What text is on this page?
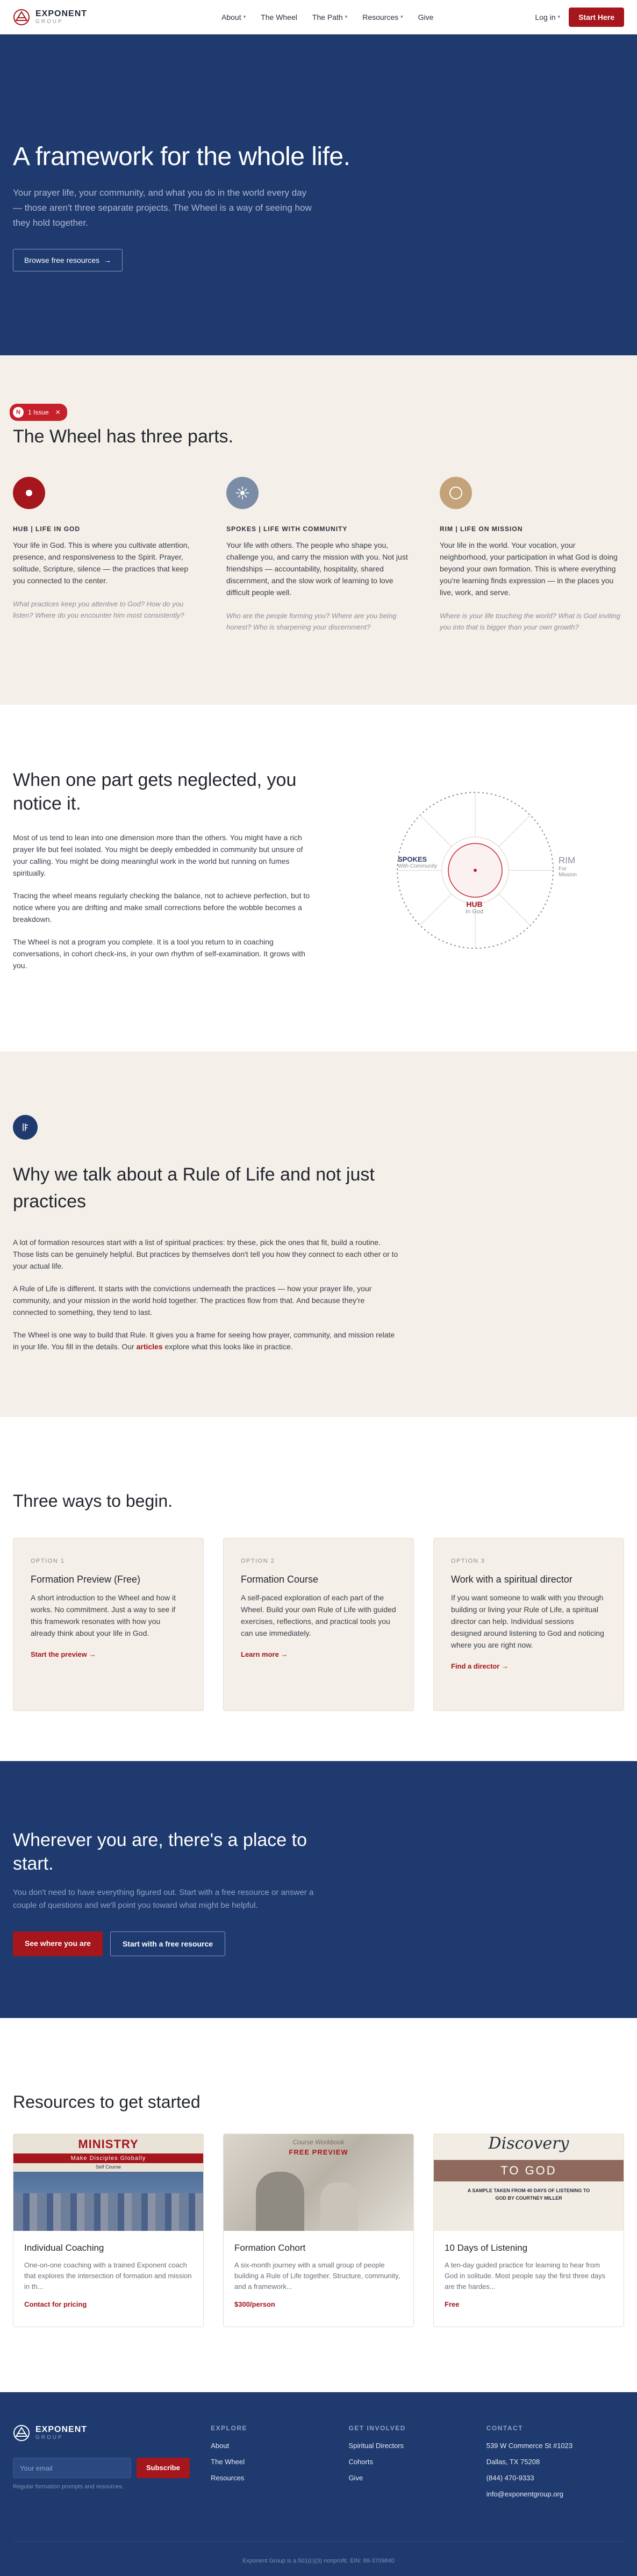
EXPONENT
GROUP
About ▾ The Wheel The Path ▾ Resources ▾ Give	Log in ▾	Start Here
A framework for the whole life.

Your prayer life, your community, and what you do in the world every day — those aren't three separate projects. The Wheel is a way of seeing how they hold together.

Browse free resources →
N	1 Issue ✕
The Wheel has three parts.
HUB | LIFE IN GOD

Your life in God. This is where you cultivate attention, presence, and responsiveness to the Spirit. Prayer, solitude, Scripture, silence — the practices that keep you connected to the center.

What practices keep you attentive to God? How do you listen? Where do you encounter him most consistently?

SPOKES | LIFE WITH COMMUNITY

Your life with others. The people who shape you, challenge you, and carry the mission with you. Not just friendships — accountability, hospitality, shared discernment, and the slow work of learning to love difficult people well.

Who are the people forming you? Where are you being honest? Who is sharpening your discernment?

RIM | LIFE ON MISSION

Your life in the world. Your vocation, your neighborhood, your participation in what God is doing beyond your own formation. This is where everything you're learning finds expression — in the places you live, work, and serve.

Where is your life touching the world? What is God inviting you into that is bigger than your own growth?

When one part gets neglected, you notice it.

Most of us tend to lean into one dimension more than the others. You might have a rich prayer life but feel isolated. You might be deeply embedded in community but unsure of your calling. You might be doing meaningful work in the world but running on fumes spiritually.

Tracing the wheel means regularly checking the balance, not to achieve perfection, but to notice where you are drifting and make small corrections before the wobble becomes a breakdown.

The Wheel is not a program you complete. It is a tool you return to in coaching conversations, in cohort check-ins, in your own rhythm of self-examination. It grows with you.

HUB
In God
SPOKES
With Community
RIM
For Mission
Why we talk about a Rule of Life and not just practices

A lot of formation resources start with a list of spiritual practices: try these, pick the ones that fit, build a routine. Those lists can be genuinely helpful. But practices by themselves don't tell you how they connect to each other or to your actual life.

A Rule of Life is different. It starts with the convictions underneath the practices — how your prayer life, your community, and your mission in the world hold together. The practices flow from that. And because they're connected to something, they tend to last.

The Wheel is one way to build that Rule. It gives you a frame for seeing how prayer, community, and mission relate in your life. You fill in the details. Our articles explore what this looks like in practice.

Three ways to begin.
OPTION 1
Formation Preview (Free)

A short introduction to the Wheel and how it works. No commitment. Just a way to see if this framework resonates with how you already think about your life in God.

Start the preview →
OPTION 2
Formation Course

A self-paced exploration of each part of the Wheel. Build your own Rule of Life with guided exercises, reflections, and practical tools you can use immediately.

Learn more →
OPTION 3
Work with a spiritual director

If you want someone to walk with you through building or living your Rule of Life, a spiritual director can help. Individual sessions designed around listening to God and noticing where you are right now.

Find a director →
Wherever you are, there's a place to start.

You don't need to have everything figured out. Start with a free resource or answer a couple of questions and we'll point you toward what might be helpful.

See where you are	Start with a free resource
Resources to get started
MINISTRY
Make Disciples Globally
Self Course
Individual Coaching

One-on-one coaching with a trained Exponent coach that explores the intersection of formation and mission in th...

Contact for pricing
Course Workbook
FREE PREVIEW
Formation Cohort

A six-month journey with a small group of people building a Rule of Life together. Structure, community, and a framework...

$300/person
Discovery
TO GOD
A SAMPLE TAKEN FROM 40 DAYS OF LISTENING TO GOD BY COURTNEY MILLER
10 Days of Listening

A ten-day guided practice for learning to hear from God in solitude. Most people say the first three days are the hardes...

Free
EXPONENT
GROUP
Your email
Subscribe
Regular formation prompts and resources.
EXPLORE
About
The Wheel
Resources
GET INVOLVED
Spiritual Directors
Cohorts
Give
CONTACT
539 W Commerce St #1023
Dallas, TX 75208
(844) 470-9333
info@exponentgroup.org
Exponent Group is a 501(c)(3) nonprofit. EIN: 88-3709840
